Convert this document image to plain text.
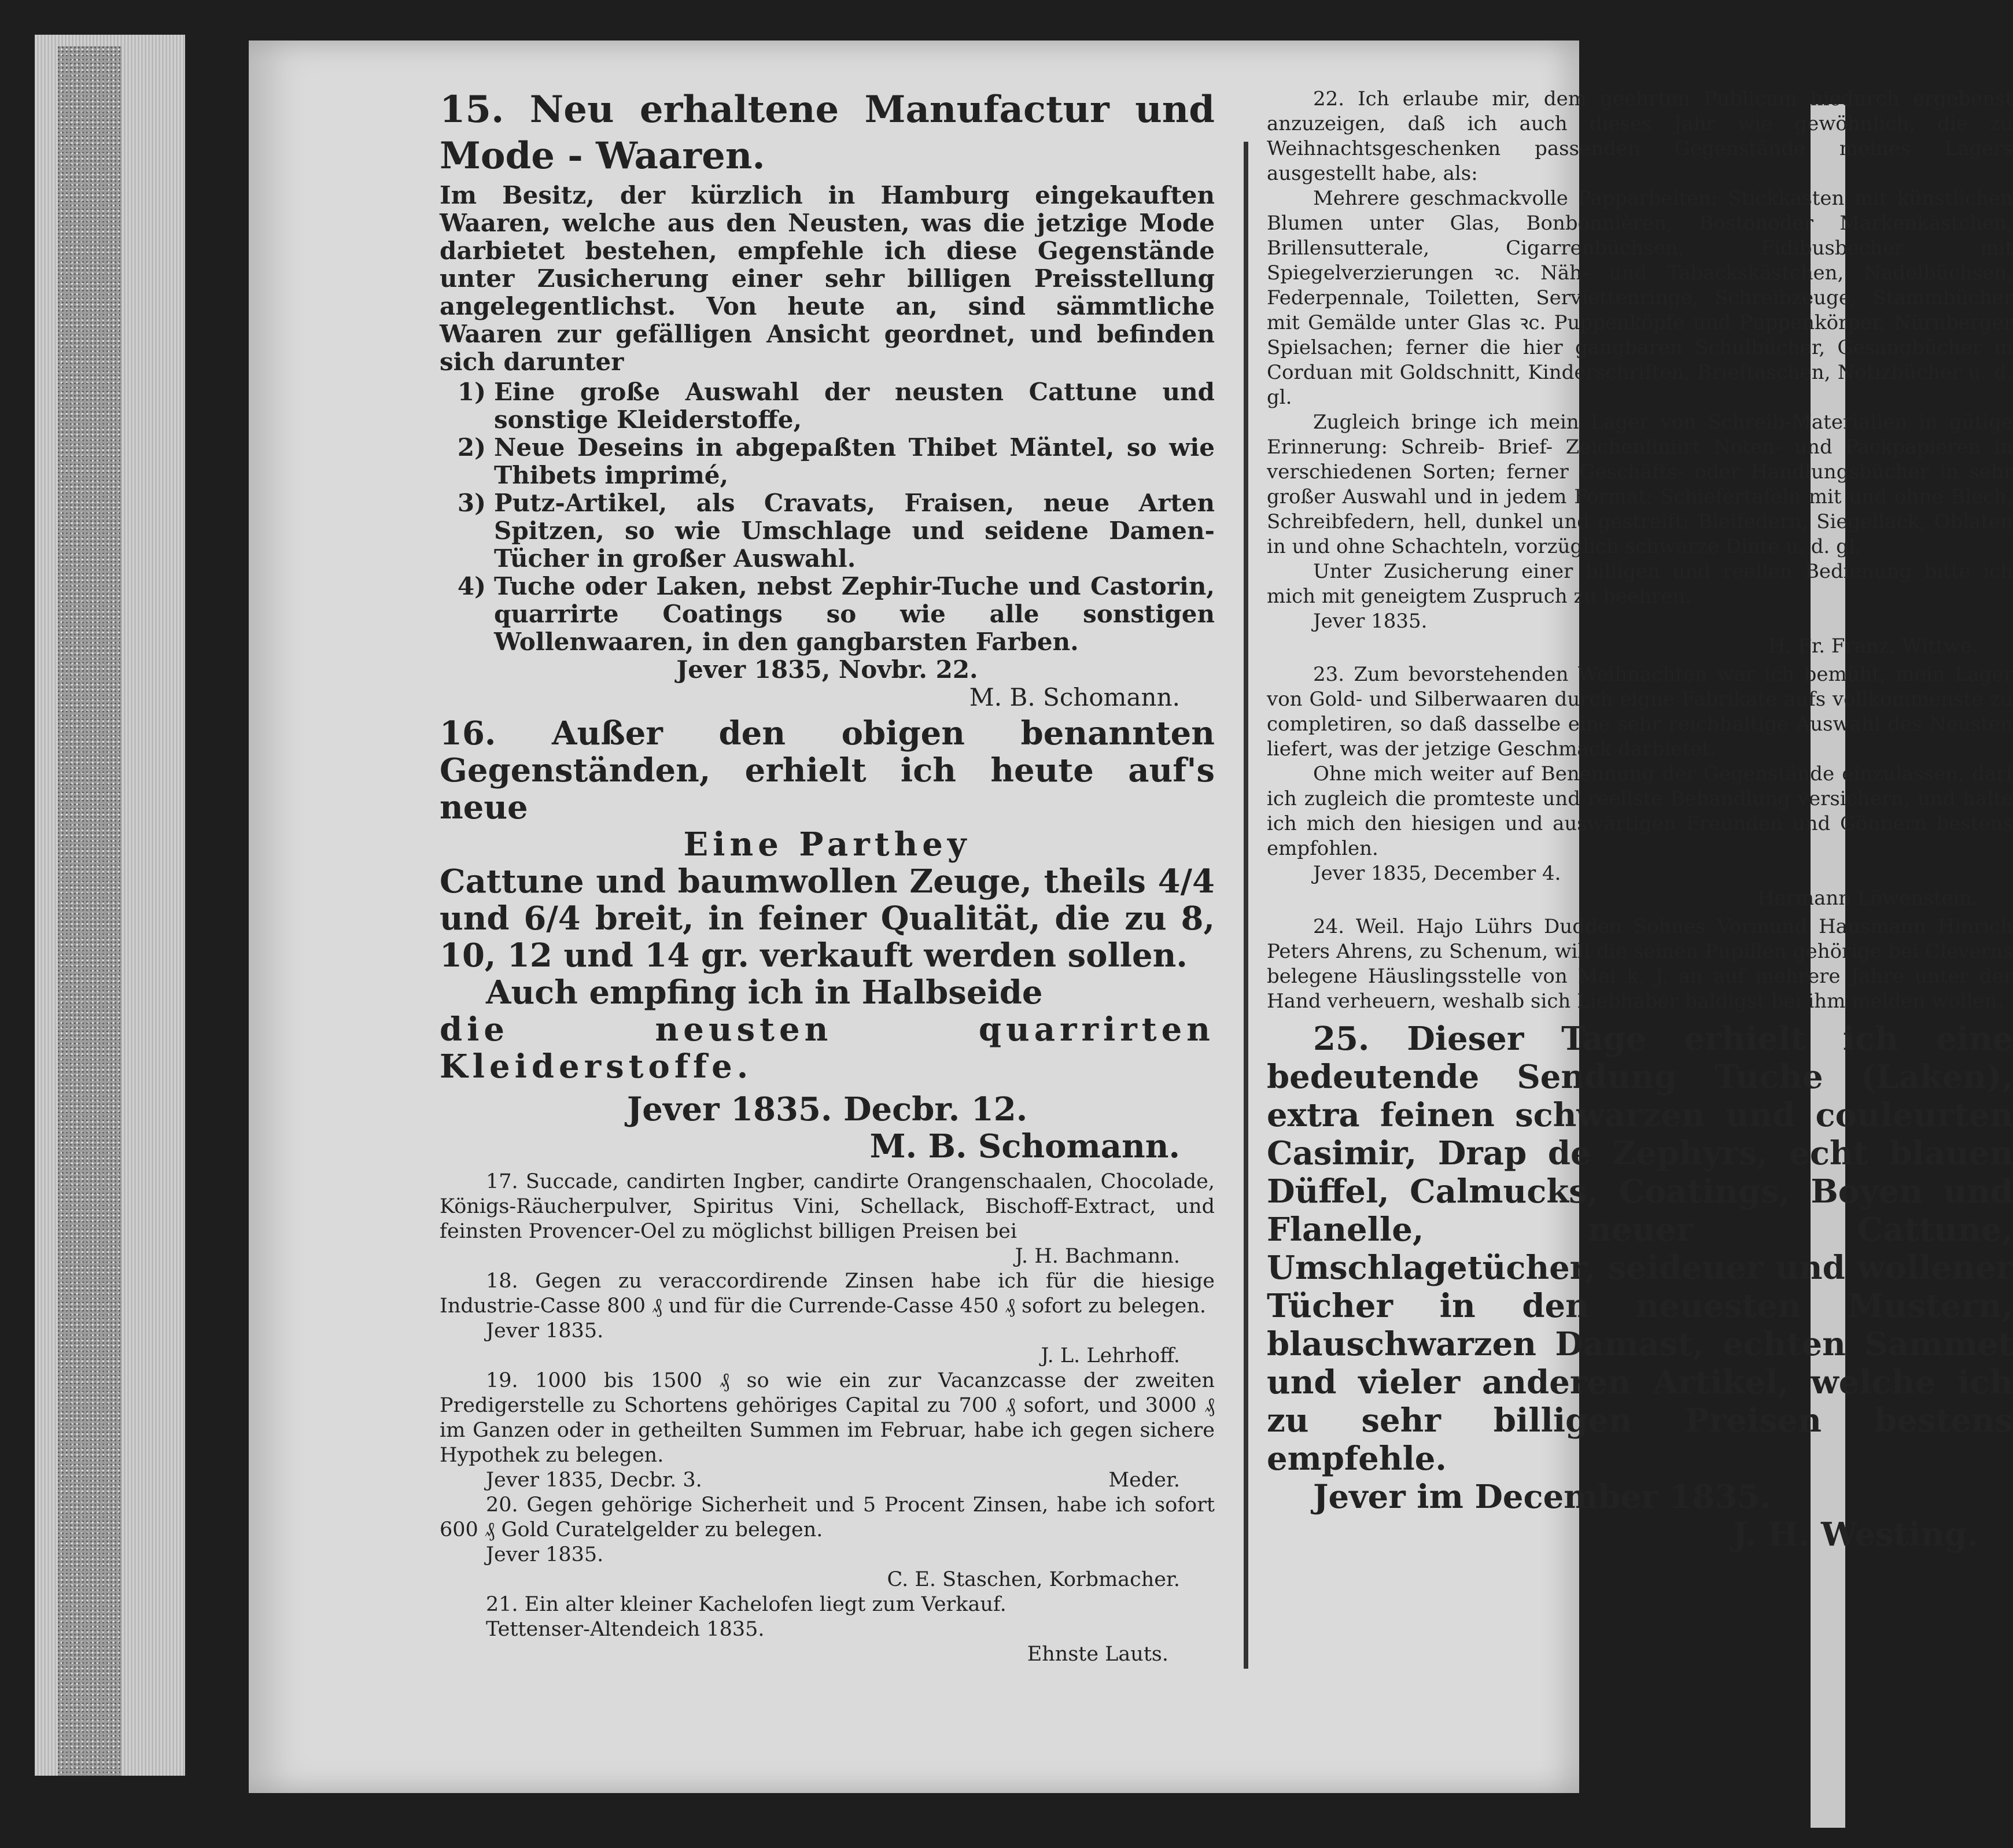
15. Neu erhaltene Manufactur und Mode - Waaren.

Im Besitz, der kürzlich in Hamburg eingekauften Waaren, welche aus den Neusten, was die jetzige Mode darbietet bestehen, empfehle ich diese Gegenstände unter Zusicherung einer sehr billigen Preisstellung angelegentlichst. Von heute an, sind sämmtliche Waaren zur gefälligen Ansicht geordnet, und befinden sich darunter

1) Eine große Auswahl der neusten Cattune und sonstige Kleiderstoffe,
2) Neue Deseins in abgepaßten Thibet Mäntel, so wie Thibets imprimé,
3) Putz-Artikel, als Cravats, Fraisen, neue Arten Spitzen, so wie Umschlage und seidene Damen-Tücher in großer Auswahl.
4) Tuche oder Laken, nebst Zephir-Tuche und Castorin, quarrirte Coatings so wie alle sonstigen Wollenwaaren, in den gangbarsten Farben.

Jever 1835, Novbr. 22.

M. B. Schomann.

16. Außer den obigen benannten Gegenständen, erhielt ich heute auf's neue

Eine Parthey

Cattune und baumwollen Zeuge, theils 4/4 und 6/4 breit, in feiner Qualität, die zu 8, 10, 12 und 14 gr. verkauft werden sollen.

Auch empfing ich in Halbseide

die neusten quarrirten Kleiderstoffe.

Jever 1835. Decbr. 12.

M. B. Schomann.

17. Succade, candirten Ingber, candirte Orangenschaalen, Chocolade, Königs-Räucherpulver, Spiritus Vini, Schellack, Bischoff-Extract, und feinsten Provencer-Oel zu möglichst billigen Preisen bei

J. H. Bachmann.

18. Gegen zu veraccordirende Zinsen habe ich für die hiesige Industrie-Casse 800 ₰ und für die Currende-Casse 450 ₰ sofort zu belegen.

Jever 1835.

J. L. Lehrhoff.

19. 1000 bis 1500 ₰ so wie ein zur Vacanzcasse der zweiten Predigerstelle zu Schortens gehöriges Capital zu 700 ₰ sofort, und 3000 ₰ im Ganzen oder in getheilten Summen im Februar, habe ich gegen sichere Hypothek zu belegen.

Jever 1835, Decbr. 3.	Meder.

20. Gegen gehörige Sicherheit und 5 Procent Zinsen, habe ich sofort 600 ₰ Gold Curatelgelder zu belegen.

Jever 1835.

C. E. Staschen, Korbmacher.

21. Ein alter kleiner Kachelofen liegt zum Verkauf.

Tettenser-Altendeich 1835.

Ehnste Lauts.

22. Ich erlaube mir, dem geehrten Publicum hiedurch ergebenst anzuzeigen, daß ich auch dieses Jahr wie gewöhnlich, die zu Weihnachtsgeschenken passenden Gegenstände meines Lagers ausgestellt habe, als:

Mehrere geschmackvolle Papparbeiten: Stickkasten mit künstlichen Blumen unter Glas, Bonbonnièren, Bostonoder Markenkästchen, Brillensutterale, Cigarrenbüchsen, Fidibusbecher mit Spiegelverzierungen ꝛc. Näh- und Tabackskästchen, Nadelbüchsen, Federpennale, Toiletten, Serviettenringe, Schreibzeuge, Stammbücher mit Gemälde unter Glas ꝛc. Puppenköpfe und Puppenkörper, Nürnberger Spielsachen; ferner die hier gangbaren Schulbücher, Gesangbücher in Corduan mit Goldschnitt, Kinderschriften, Brieftaschen, Notizbücher u. d. gl.

Zugleich bringe ich mein Lager von Schreib-Materialien in gütige Erinnerung: Schreib- Brief- Zeichenliniirt Noten- und Packpapieren in verschiedenen Sorten; ferner Geschäfts- oder Handlungsbücher in sehr großer Auswahl und in jedem Format; Schiefertafeln mit und ohne Blech, Schreibfedern, hell, dunkel und gestreift; Bleifedern, Siegellack, Oblaten in und ohne Schachteln, vorzüglich schwarze Dinte u. d. gl.

Unter Zusicherung einer billigen und reellen Bedienung bitte ich mich mit geneigtem Zuspruch zu beehren.

Jever 1835.

H. Fr. Franz, Wittwe.

23. Zum bevorstehenden Weihnachten war ich bemüht, mein Lager von Gold- und Silberwaaren durch eigne Fabrikate aufs vollkommenste zu completiren, so daß dasselbe eine sehr reichhaltige Auswahl des Neusten liefert, was der jetzige Geschmack darbietet.

Ohne mich weiter auf Benennung der Gegenstände einzulassen, darf ich zugleich die promteste und reellste Behandlung versichern, und halte ich mich den hiesigen und auswärtigen Freunden und Gönnern bestens empfohlen.

Jever 1835, December 4.

Hermann Löwenstein.

24. Weil. Hajo Lührs Dudden Sohnes Vormund Hausmann Hinrich Peters Ahrens, zu Schenum, will die seinen Pupillen gehörige bei Cleverns belegene Häuslingsstelle von Mai k. J. an auf mehrere Jahre unter der Hand verheuern, weshalb sich Liebhaber baldigst bei ihm melden wollen.

25. Dieser Tage erhielt ich eine bedeutende Sendung Tuche (Laken), extra feinen schwarzen und couleurten Casimir, Drap de Zephyrs, echt blauen Düffel, Calmucks, Coatings, Boyen und Flanelle, neuer Cattune, Umschlagetücher, seideuer und wollener Tücher in den neuesten Mustern, blauschwarzen Damast, echten Sammet und vieler anderen Artikel, welche ich zu sehr billigen Preisen bestens empfehle.

Jever im December 1835.

J. H. Westing.
